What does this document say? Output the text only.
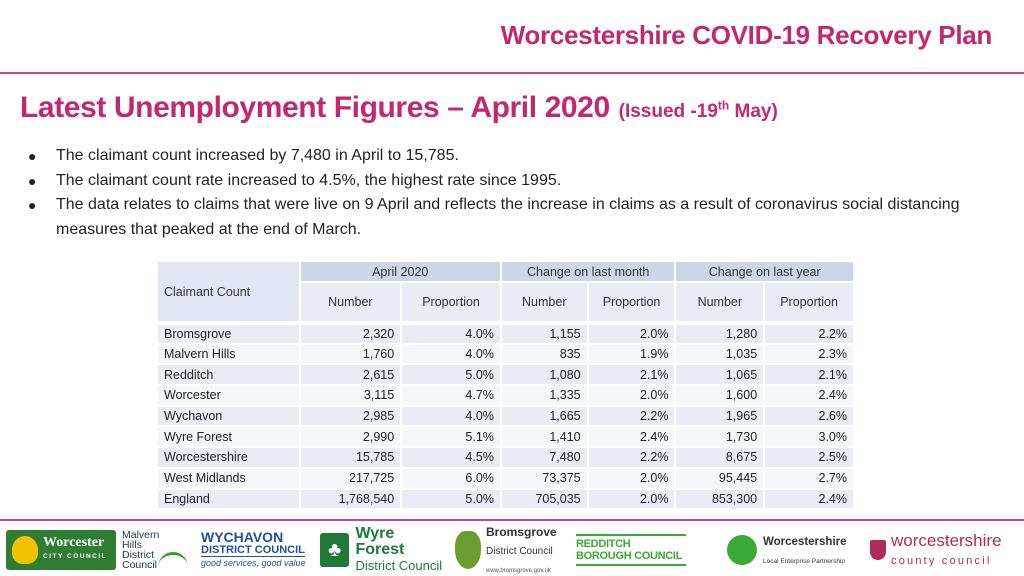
Worcestershire COVID-19 Recovery Plan
Latest Unemployment Figures – April 2020 (Issued -19th May)
● The claimant count increased by 7,480 in April to 15,785.
● The claimant count rate increased to 4.5%, the highest rate since 1995.
● The data relates to claims that were live on 9 April and reflects the increase in claims as a result of coronavirus social distancing measures that peaked at the end of March.
Claimant Count	April 2020		Change on last month		Change on last year	
	Number	Proportion	Number	Proportion	Number	Proportion
Bromsgrove	2,320	4.0%	1,155	2.0%	1,280	2.2%
Malvern Hills	1,760	4.0%	835	1.9%	1,035	2.3%
Redditch	2,615	5.0%	1,080	2.1%	1,065	2.1%
Worcester	3,115	4.7%	1,335	2.0%	1,600	2.4%
Wychavon	2,985	4.0%	1,665	2.2%	1,965	2.6%
Wyre Forest	2,990	5.1%	1,410	2.4%	1,730	3.0%
Worcestershire	15,785	4.5%	7,480	2.2%	8,675	2.5%
West Midlands	217,725	6.0%	73,375	2.0%	95,445	2.7%
England	1,768,540	5.0%	705,035	2.0%	853,300	2.4%
Worcester
CITY COUNCIL
Malvern
Hills
District
Council
WYCHAVON
DISTRICT COUNCIL
good services, good value
♣
Wyre Forest
District Council
Bromsgrove
District Council
www.bromsgrove.gov.uk
REDDITCH BOROUGH COUNCIL
Worcestershire
Local Enterprise Partnership
worcestershire
county council
